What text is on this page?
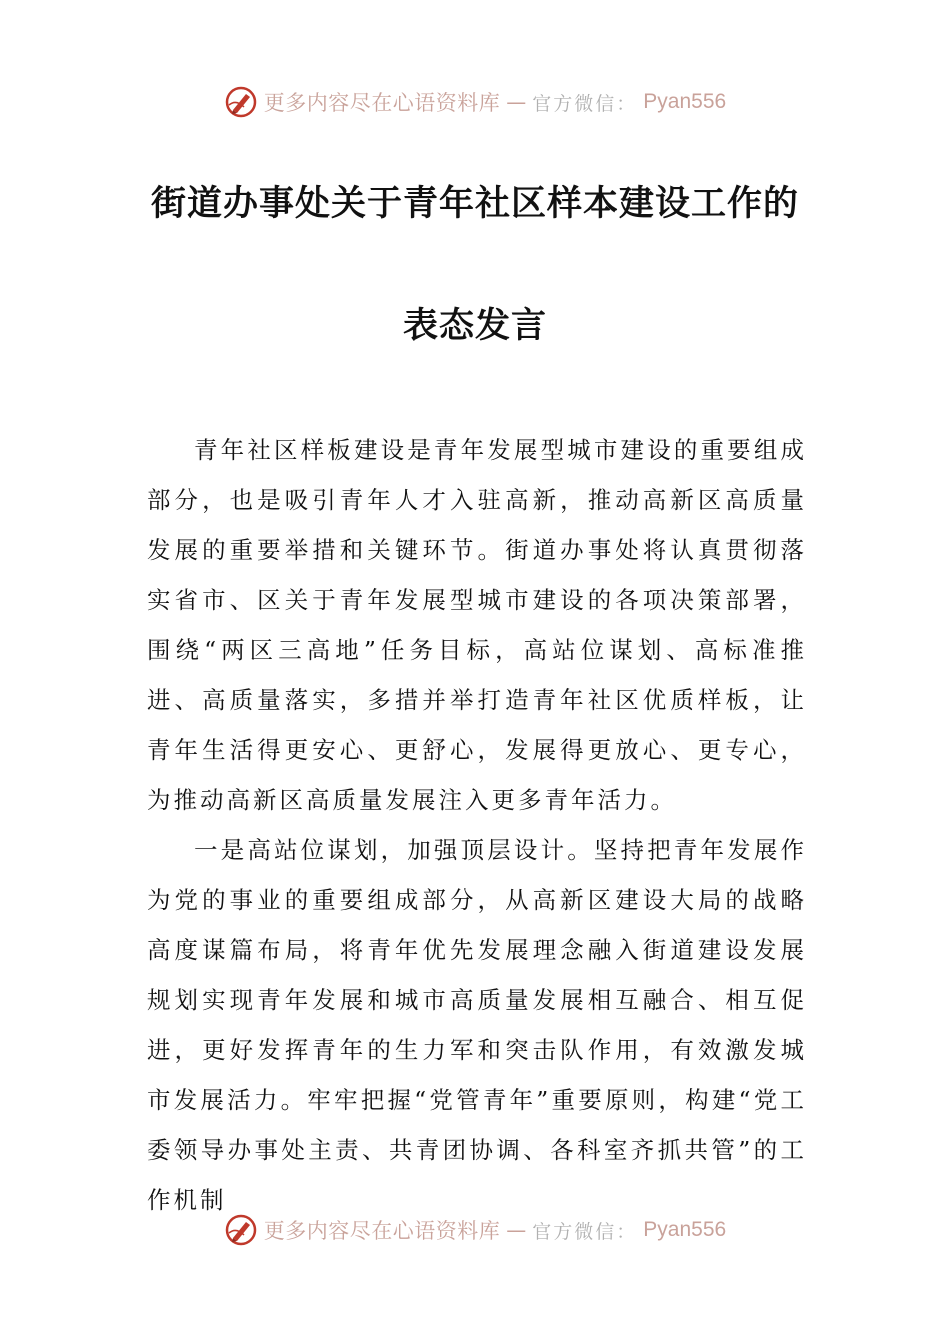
更多内容尽在心语资料库 — 官方微信： Pyan556
街道办事处关于青年社区样本建设工作的
表态发言

青年社区样板建设是青年发展型城市建设的重要组成部分，也是吸引青年人才入驻高新，推动高新区高质量发展的重要举措和关键环节。街道办事处将认真贯彻落实省市、区关于青年发展型城市建设的各项决策部署，围绕“两区三高地”任务目标，高站位谋划、高标准推进、高质量落实，多措并举打造青年社区优质样板，让青年生活得更安心、更舒心，发展得更放心、更专心，为推动高新区高质量发展注入更多青年活力。

一是高站位谋划，加强顶层设计。坚持把青年发展作为党的事业的重要组成部分，从高新区建设大局的战略高度谋篇布局，将青年优先发展理念融入街道建设发展规划实现青年发展和城市高质量发展相互融合、相互促进，更好发挥青年的生力军和突击队作用，有效激发城市发展活力。牢牢把握“党管青年”重要原则，构建“党工委领导办事处主责、共青团协调、各科室齐抓共管”的工作机制

更多内容尽在心语资料库 — 官方微信： Pyan556
